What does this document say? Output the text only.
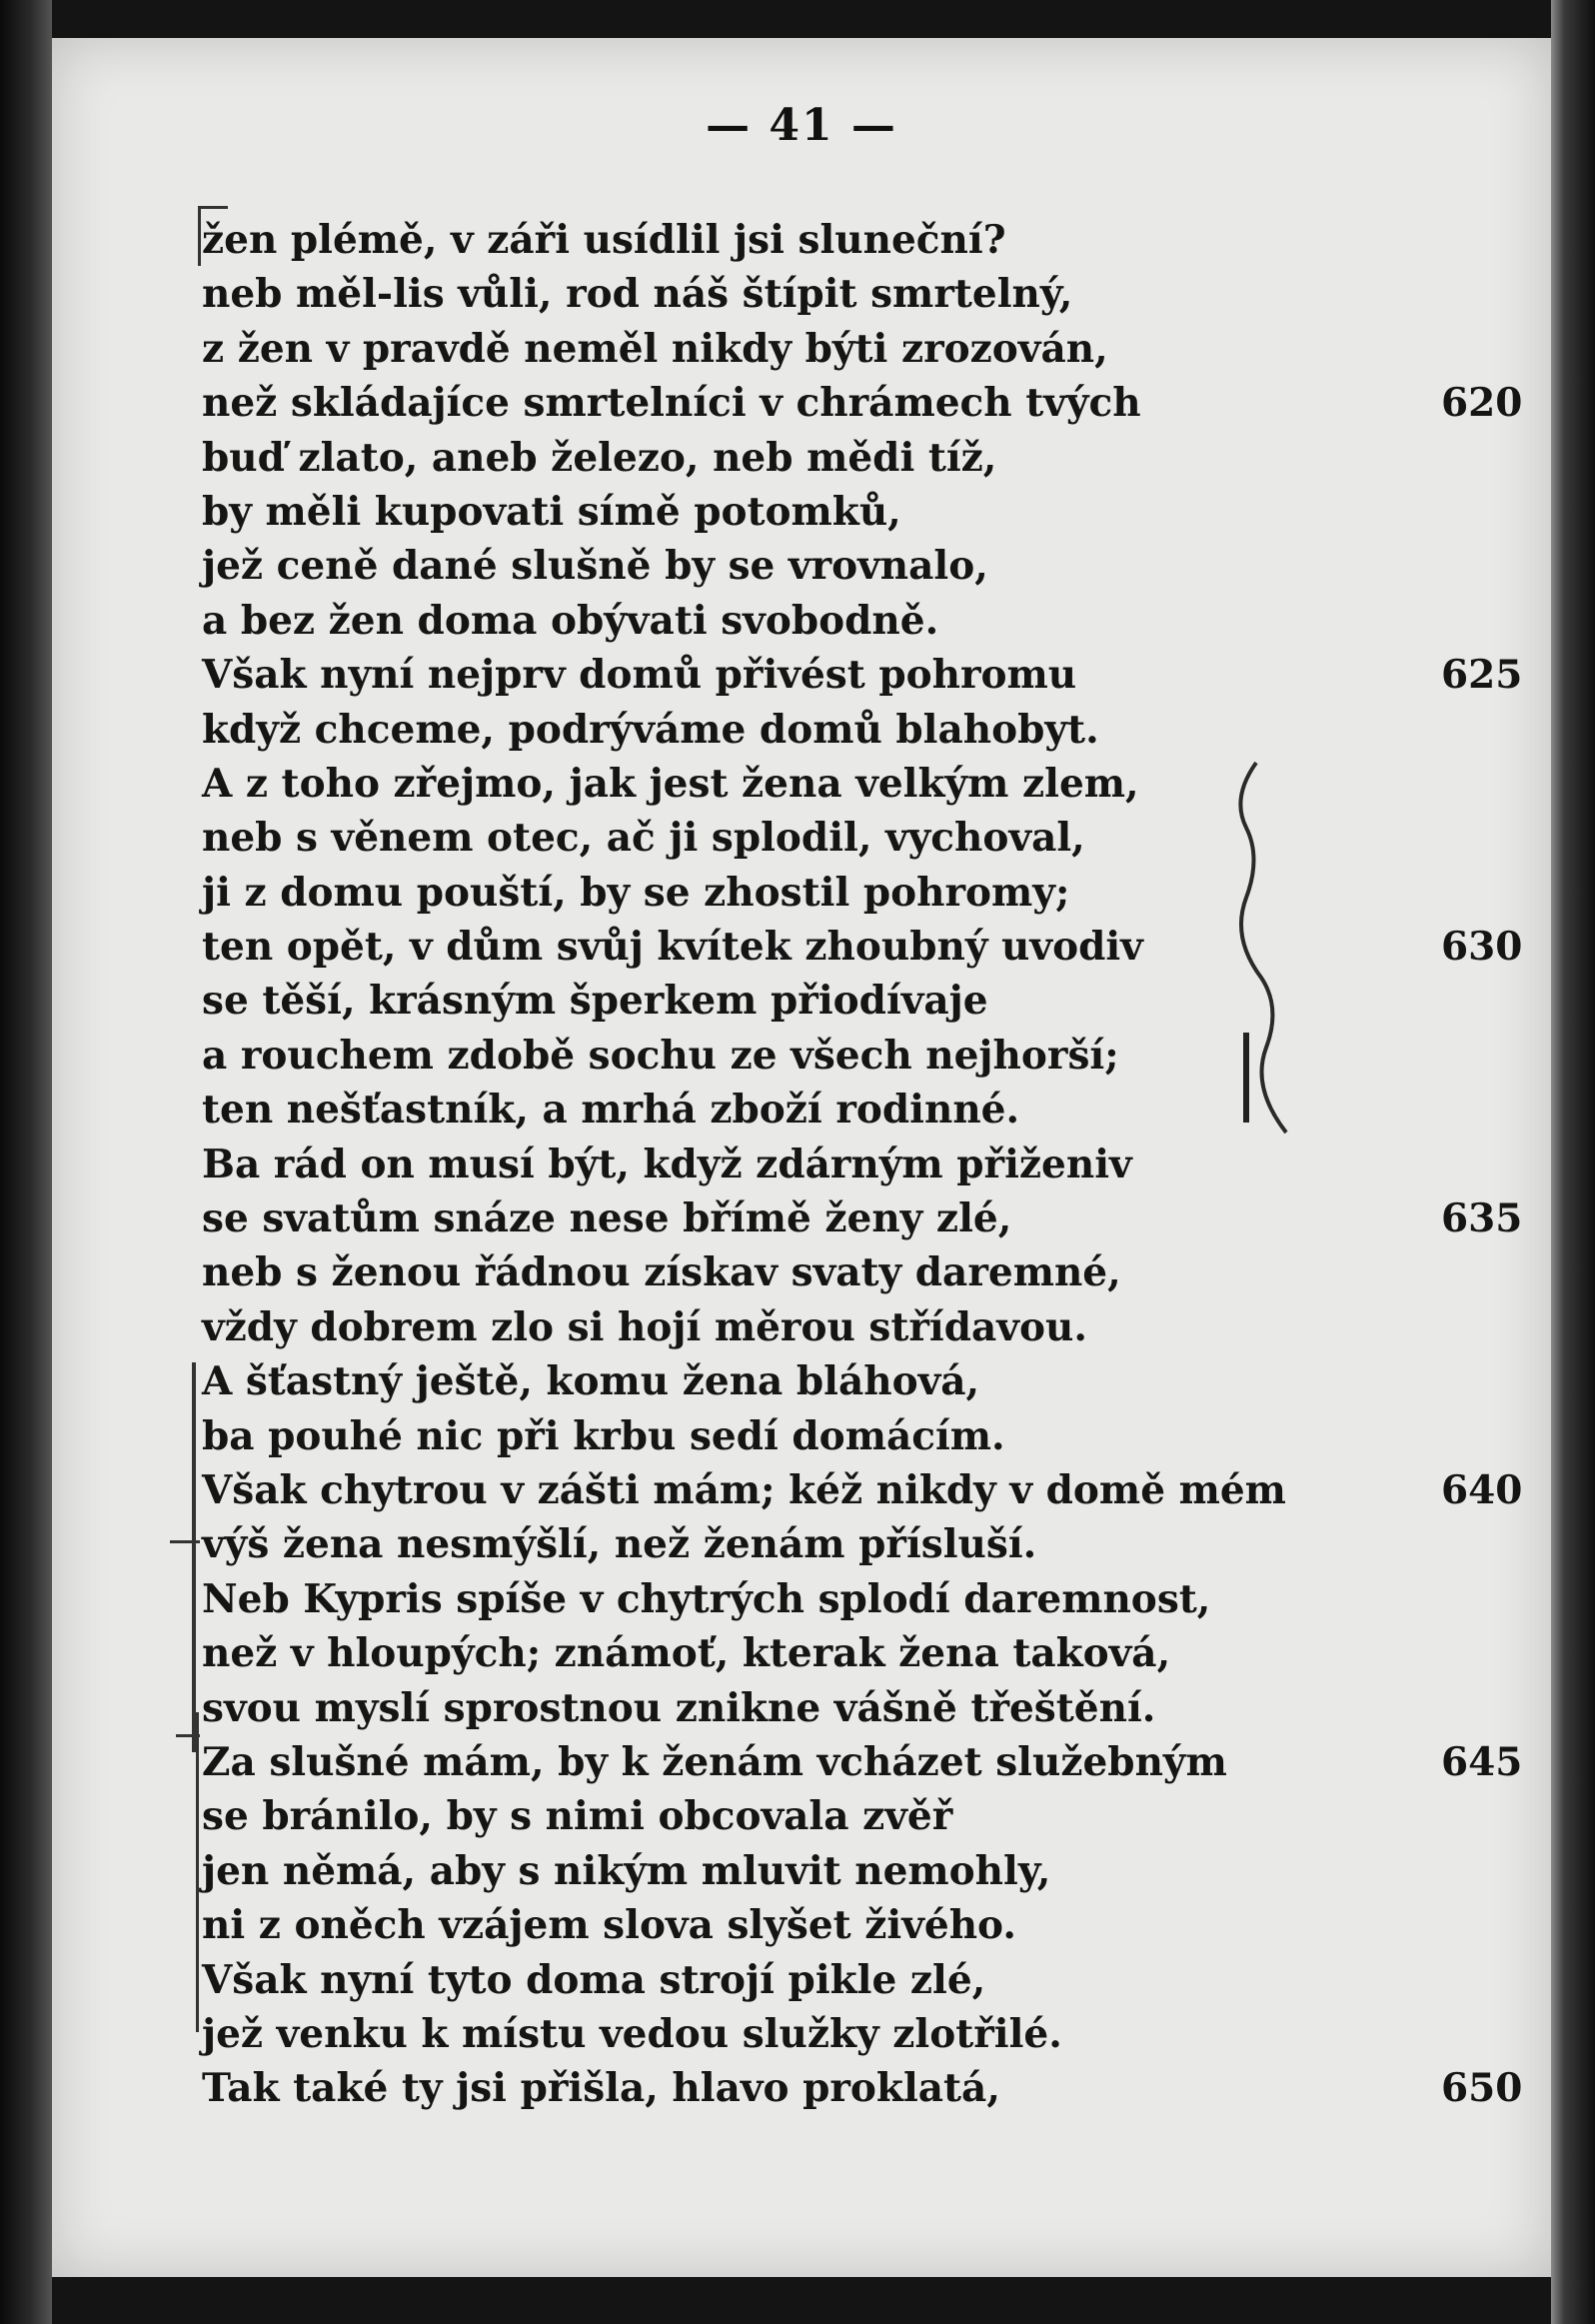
— 41 —
žen plémě, v záři usídlil jsi sluneční?
neb měl-lis vůli, rod náš štípit smrtelný,
z žen v pravdě neměl nikdy býti zrozován,
než skládajíce smrtelníci v chrámech tvých	620
buď zlato, aneb železo, neb mědi tíž,
by měli kupovati símě potomků,
jež ceně dané slušně by se vrovnalo,
a bez žen doma obývati svobodně.
Však nyní nejprv domů přivést pohromu	625
když chceme, podrýváme domů blahobyt.
A z toho zřejmo, jak jest žena velkým zlem,
neb s věnem otec, ač ji splodil, vychoval,
ji z domu pouští, by se zhostil pohromy;
ten opět, v dům svůj kvítek zhoubný uvodiv	630
se těší, krásným šperkem přiodívaje
a rouchem zdobě sochu ze všech nejhorší;
ten nešťastník, a mrhá zboží rodinné.
Ba rád on musí být, když zdárným přiženiv
se svatům snáze nese břímě ženy zlé,	635
neb s ženou řádnou získav svaty daremné,
vždy dobrem zlo si hojí měrou střídavou.
A šťastný ještě, komu žena bláhová,
ba pouhé nic při krbu sedí domácím.
Však chytrou v zášti mám; kéž nikdy v domě mém	640
výš žena nesmýšlí, než ženám přísluší.
Neb Kypris spíše v chytrých splodí daremnost,
než v hloupých; známoť, kterak žena taková,
svou myslí sprostnou znikne vášně třeštění.
Za slušné mám, by k ženám vcházet služebným	645
se bránilo, by s nimi obcovala zvěř
jen němá, aby s nikým mluvit nemohly,
ni z oněch vzájem slova slyšet živého.
Však nyní tyto doma strojí pikle zlé,
jež venku k místu vedou služky zlotřilé.
Tak také ty jsi přišla, hlavo proklatá,	650
